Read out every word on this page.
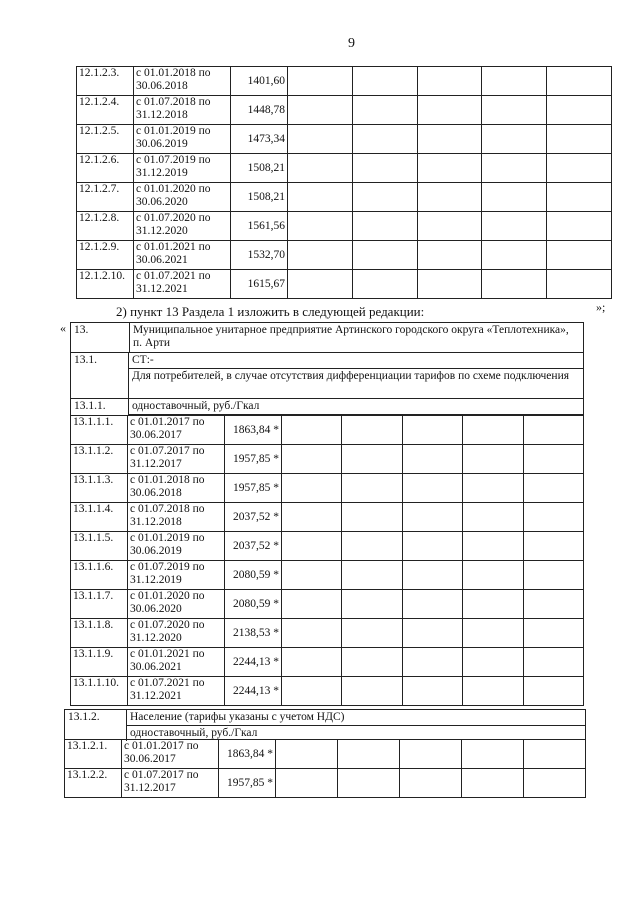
9
12.1.2.3.	с 01.01.2018 по 30.06.2018	1401,60					
12.1.2.4.	с 01.07.2018 по 31.12.2018	1448,78					
12.1.2.5.	с 01.01.2019 по 30.06.2019	1473,34					
12.1.2.6.	с 01.07.2019 по 31.12.2019	1508,21					
12.1.2.7.	с 01.01.2020 по 30.06.2020	1508,21					
12.1.2.8.	с 01.07.2020 по 31.12.2020	1561,56					
12.1.2.9.	с 01.01.2021 по 30.06.2021	1532,70					
12.1.2.10.	с 01.07.2021 по 31.12.2021	1615,67					
2) пункт 13 Раздела 1 изложить в следующей редакции:	»;
« 13.	Муниципальное унитарное предприятие Артинского городского округа «Теплотехника», п. Арти
13.1.	СТ:-
Для потребителей, в случае отсутствия дифференциации тарифов по схеме подключения
13.1.1.	одноставочный, руб./Гкал
13.1.1.1.	с 01.01.2017 по 30.06.2017	1863,84 *					
13.1.1.2.	с 01.07.2017 по 31.12.2017	1957,85 *					
13.1.1.3.	с 01.01.2018 по 30.06.2018	1957,85 *					
13.1.1.4.	с 01.07.2018 по 31.12.2018	2037,52 *					
13.1.1.5.	с 01.01.2019 по 30.06.2019	2037,52 *					
13.1.1.6.	с 01.07.2019 по 31.12.2019	2080,59 *					
13.1.1.7.	с 01.01.2020 по 30.06.2020	2080,59 *					
13.1.1.8.	с 01.07.2020 по 31.12.2020	2138,53 *					
13.1.1.9.	с 01.01.2021 по 30.06.2021	2244,13 *					
13.1.1.10.	с 01.07.2021 по 31.12.2021	2244,13 *					
13.1.2.	Население (тарифы указаны с учетом НДС)
одноставочный, руб./Гкал
13.1.2.1.	с 01.01.2017 по 30.06.2017	1863,84 *					
13.1.2.2.	с 01.07.2017 по 31.12.2017	1957,85 *					
